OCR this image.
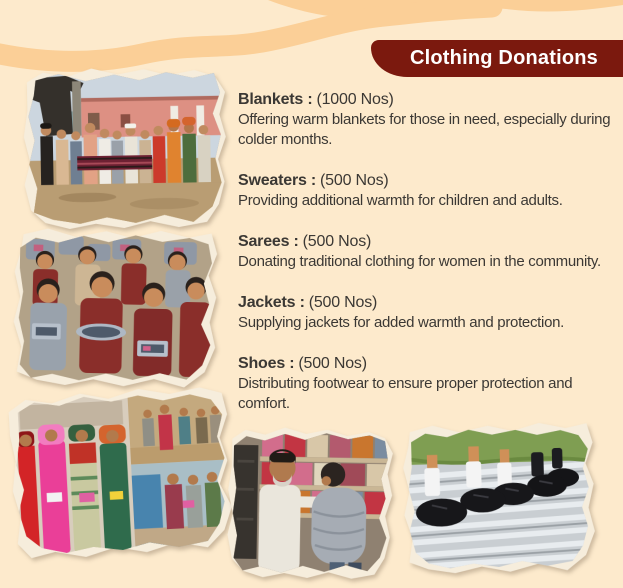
Clothing Donations
Blankets : (1000 Nos)

Offering warm blankets for those in need, especially during colder months.

Sweaters : (500 Nos)

Providing additional warmth for children and adults.

Sarees : (500 Nos)

Donating traditional clothing for women in the community.

Jackets : (500 Nos)

Supplying jackets for added warmth and protection.

Shoes : (500 Nos)

Distributing footwear to ensure proper protection and comfort.
